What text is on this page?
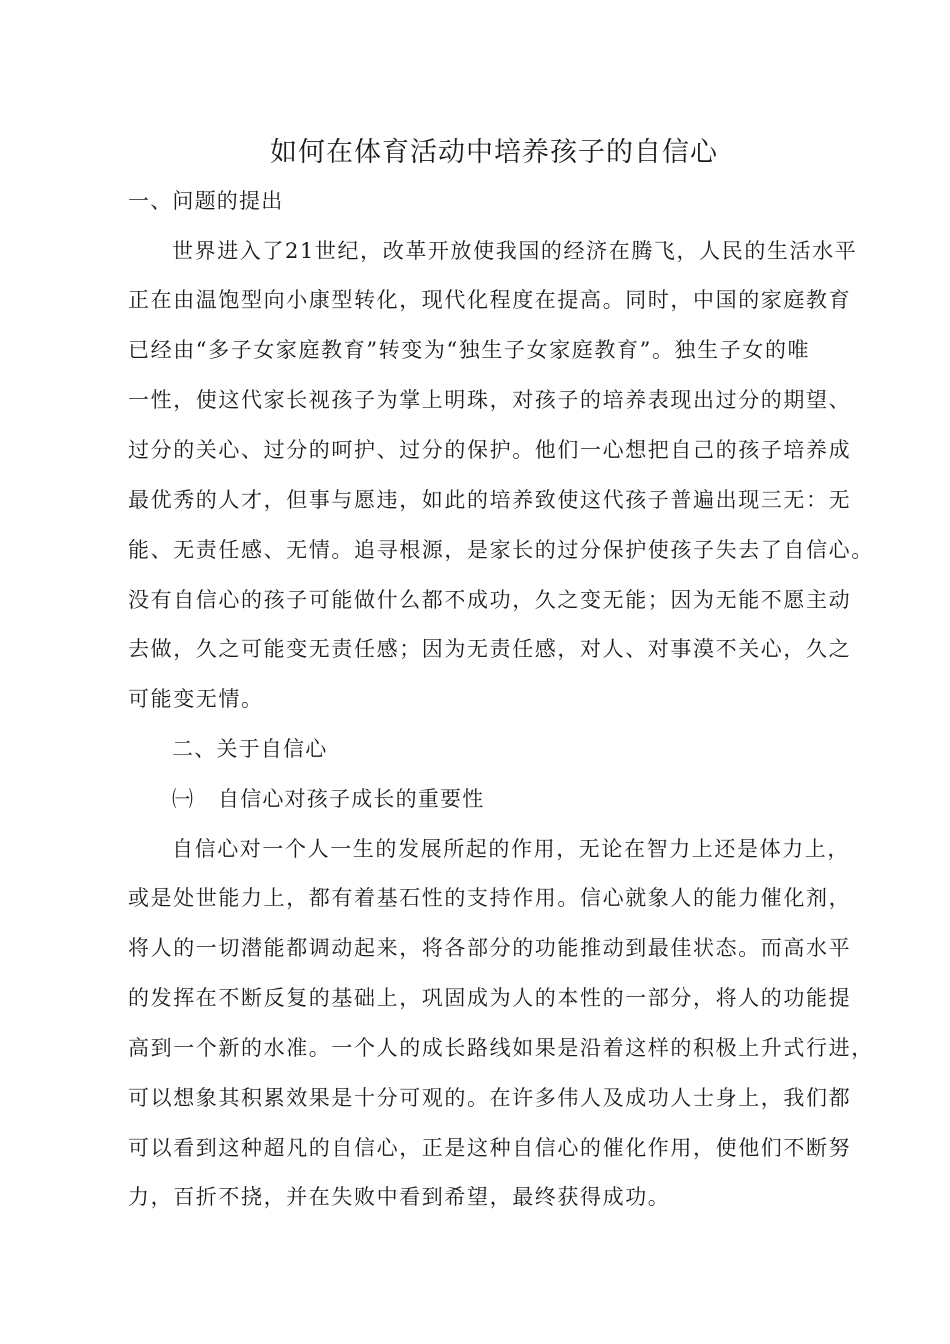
如何在体育活动中培养孩子的自信心

一、问题的提出

世界进入了21世纪，改革开放使我国的经济在腾飞，人民的生活水平

正在由温饱型向小康型转化，现代化程度在提高。同时，中国的家庭教育

已经由“多子女家庭教育”转变为“独生子女家庭教育”。独生子女的唯

一性，使这代家长视孩子为掌上明珠，对孩子的培养表现出过分的期望、

过分的关心、过分的呵护、过分的保护。他们一心想把自己的孩子培养成

最优秀的人才，但事与愿违，如此的培养致使这代孩子普遍出现三无：无

能、无责任感、无情。追寻根源，是家长的过分保护使孩子失去了自信心。

没有自信心的孩子可能做什么都不成功，久之变无能；因为无能不愿主动

去做，久之可能变无责任感；因为无责任感，对人、对事漠不关心，久之

可能变无情。

二、关于自信心

㈠ 自信心对孩子成长的重要性

自信心对一个人一生的发展所起的作用，无论在智力上还是体力上，

或是处世能力上，都有着基石性的支持作用。信心就象人的能力催化剂，

将人的一切潜能都调动起来，将各部分的功能推动到最佳状态。而高水平

的发挥在不断反复的基础上，巩固成为人的本性的一部分，将人的功能提

高到一个新的水准。一个人的成长路线如果是沿着这样的积极上升式行进，

可以想象其积累效果是十分可观的。在许多伟人及成功人士身上，我们都

可以看到这种超凡的自信心，正是这种自信心的催化作用，使他们不断努

力，百折不挠，并在失败中看到希望，最终获得成功。
